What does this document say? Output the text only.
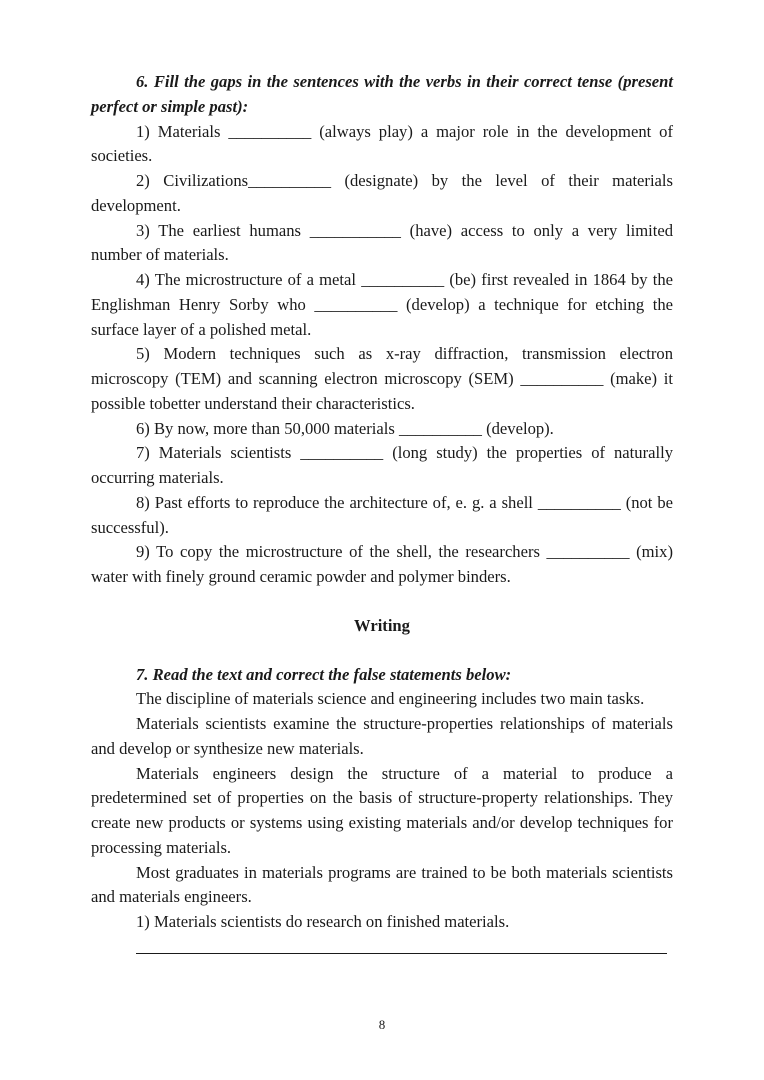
6. Fill the gaps in the sentences with the verbs in their correct tense (present perfect or simple past):

1) Materials __________ (always play) a major role in the development of societies.

2) Civilizations__________ (designate) by the level of their materials development.

3) The earliest humans ___________ (have) access to only a very limited number of materials.

4) The microstructure of a metal __________ (be) first revealed in 1864 by the Englishman Henry Sorby who __________ (develop) a technique for etching the surface layer of a polished metal.

5) Modern techniques such as x-ray diffraction, transmission electron microscopy (TEM) and scanning electron microscopy (SEM) __________ (make) it possible tobetter understand their characteristics.

6) By now, more than 50,000 materials __________ (develop).

7) Materials scientists __________ (long study) the properties of naturally occurring materials.

8) Past efforts to reproduce the architecture of, e. g. a shell __________ (not be successful).

9) To copy the microstructure of the shell, the researchers __________ (mix) water with finely ground ceramic powder and polymer binders.

Writing

7. Read the text and correct the false statements below:

The discipline of materials science and engineering includes two main tasks.

Materials scientists examine the structure-properties relationships of materials and develop or synthesize new materials.

Materials engineers design the structure of a material to produce a predetermined set of properties on the basis of structure-property relationships. They create new products or systems using existing materials and/or develop techniques for processing materials.

Most graduates in materials programs are trained to be both materials scientists and materials engineers.

1) Materials scientists do research on finished materials.

8
